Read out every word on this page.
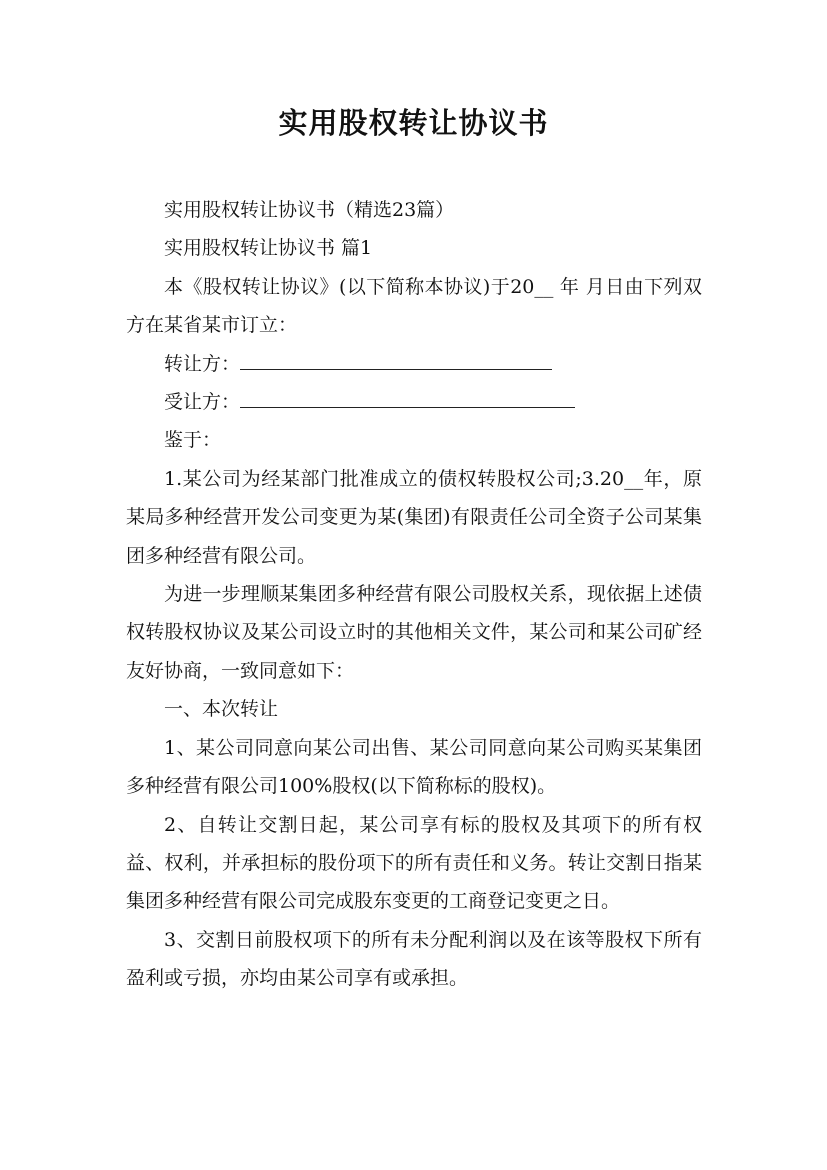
实用股权转让协议书

实用股权转让协议书（精选23篇）

实用股权转让协议书 篇1

本《股权转让协议》(以下简称本协议)于20__ 年 月日由下列双方在某省某市订立：

转让方：

受让方：

鉴于：

1.某公司为经某部门批准成立的债权转股权公司;3.20__年，原某局多种经营开发公司变更为某(集团)有限责任公司全资子公司某集团多种经营有限公司。

为进一步理顺某集团多种经营有限公司股权关系，现依据上述债权转股权协议及某公司设立时的其他相关文件，某公司和某公司矿经友好协商，一致同意如下：

一、本次转让

1、某公司同意向某公司出售、某公司同意向某公司购买某集团多种经营有限公司100%股权(以下简称标的股权)。

2、自转让交割日起，某公司享有标的股权及其项下的所有权益、权利，并承担标的股份项下的所有责任和义务。转让交割日指某集团多种经营有限公司完成股东变更的工商登记变更之日。

3、交割日前股权项下的所有未分配利润以及在该等股权下所有盈利或亏损，亦均由某公司享有或承担。
